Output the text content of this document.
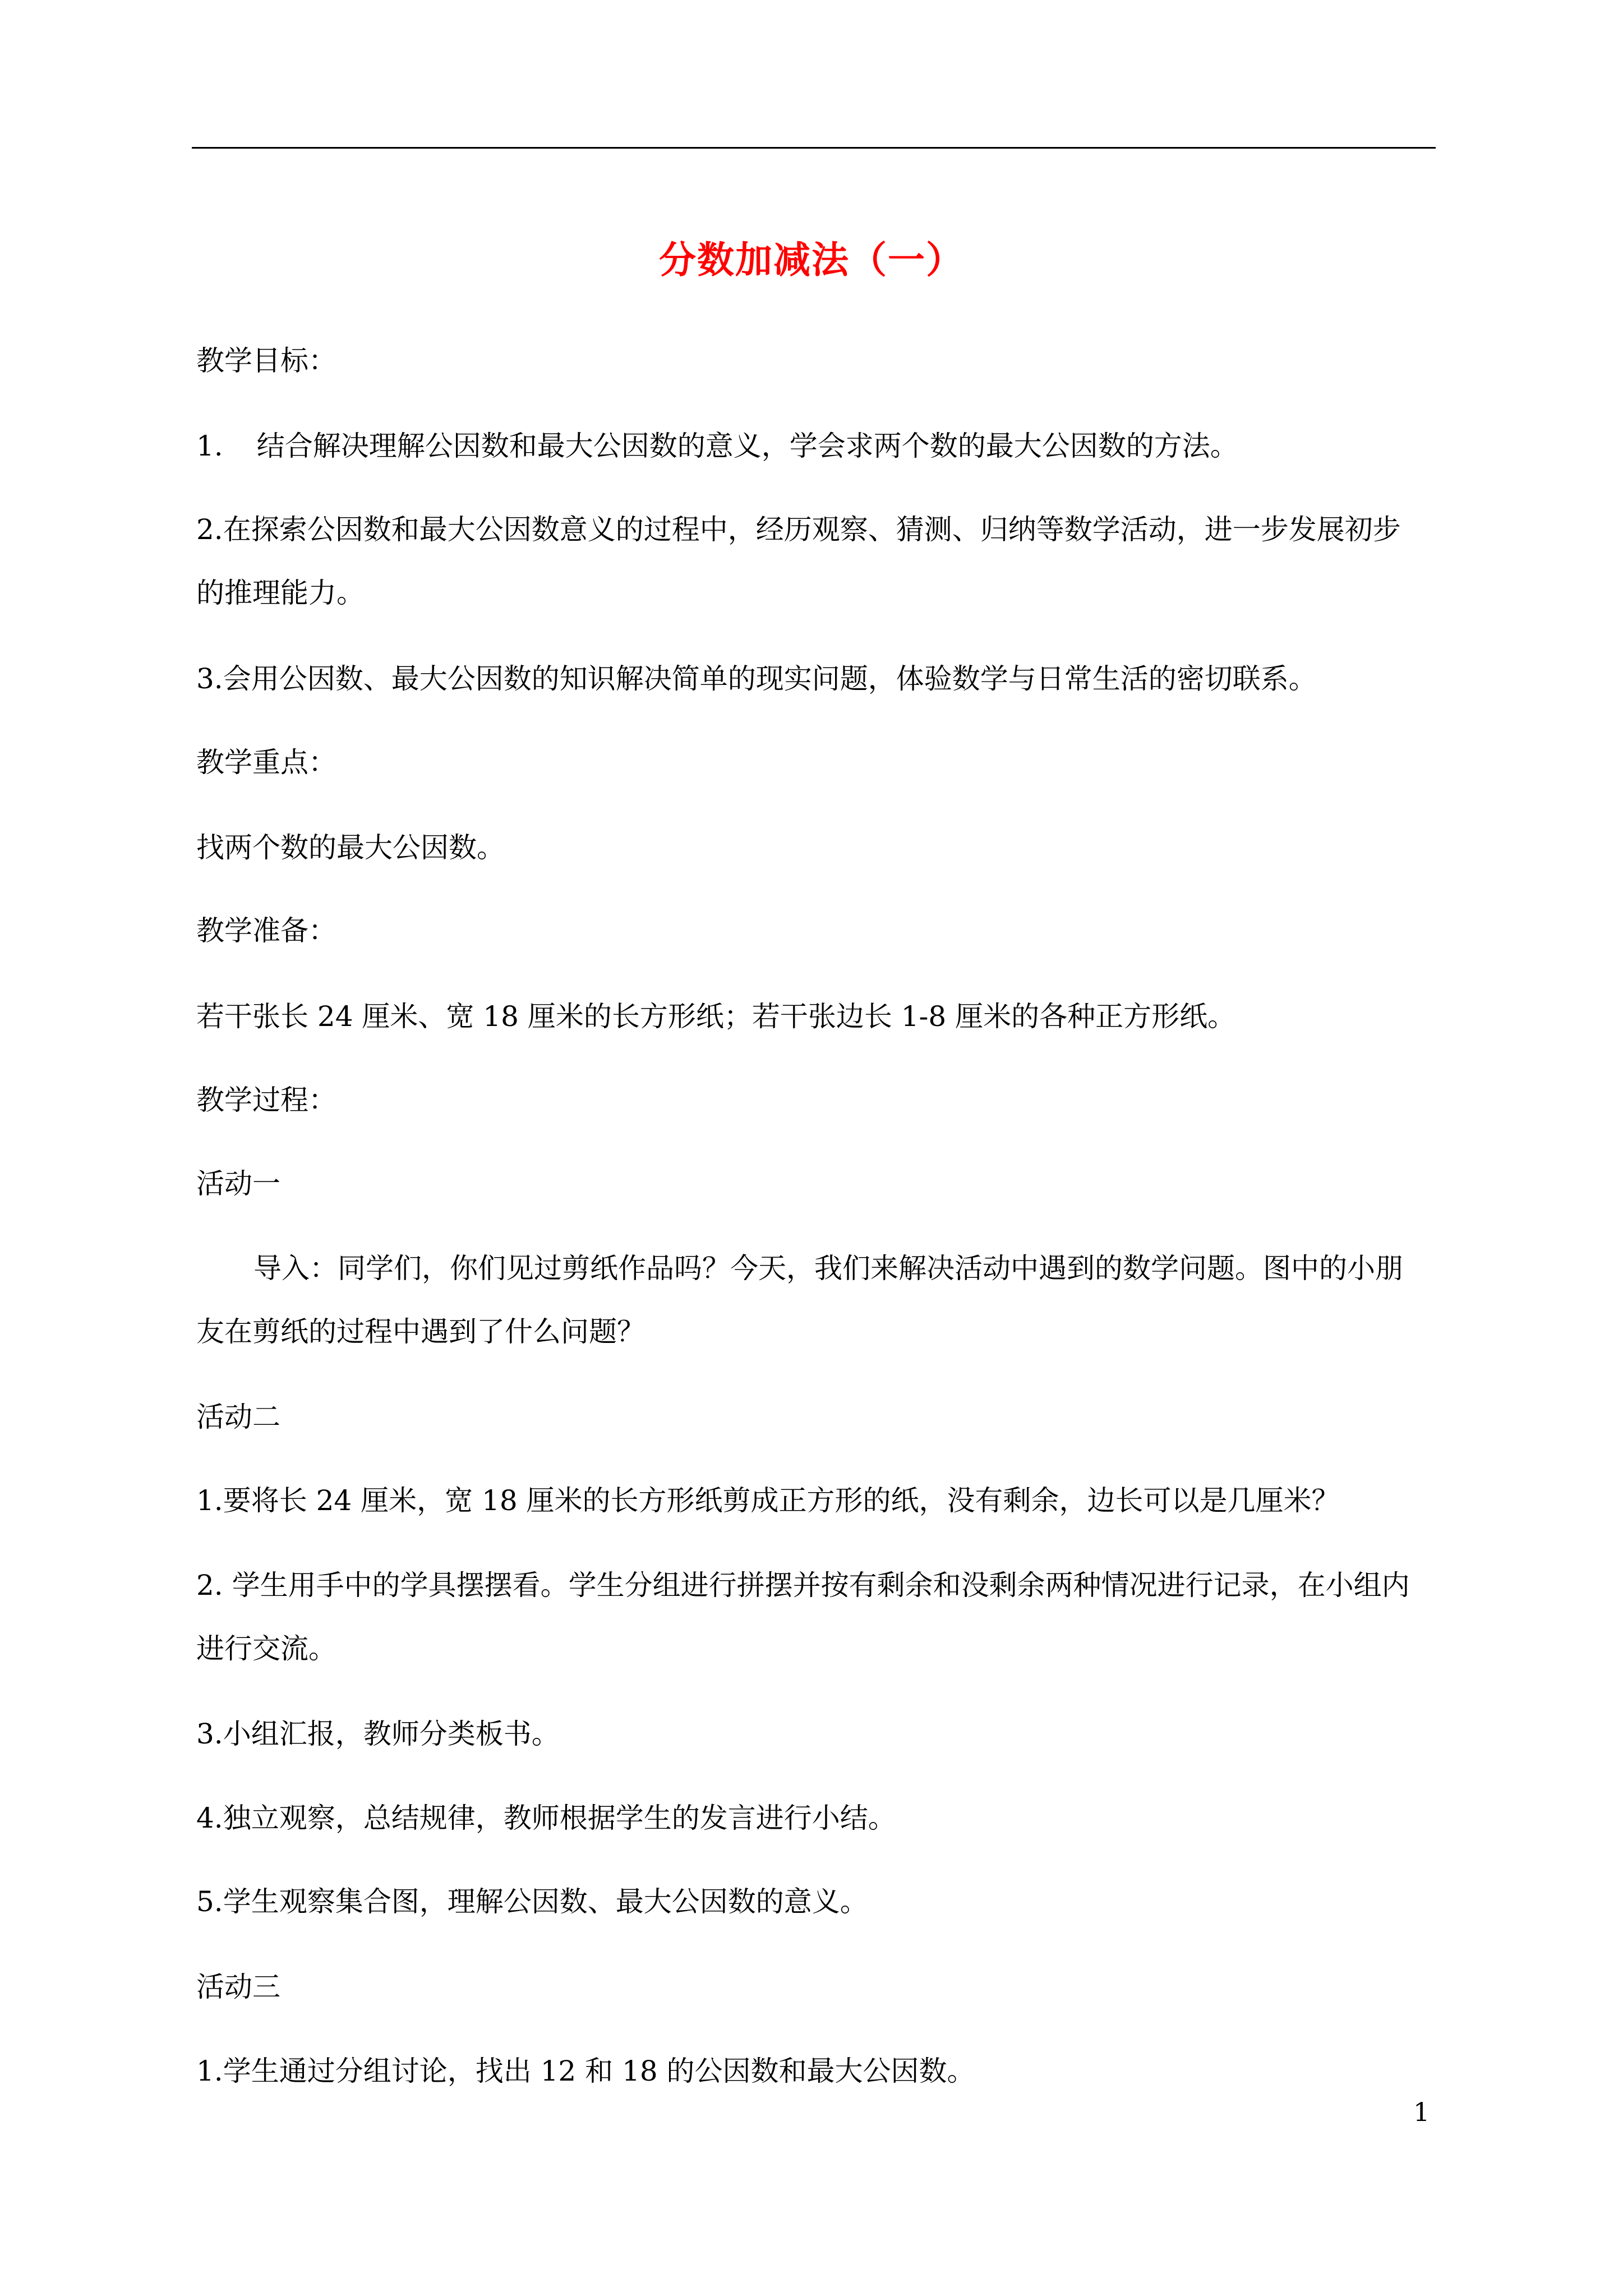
分数加减法（一）
教学目标：
1. 结合解决理解公因数和最大公因数的意义，学会求两个数的最大公因数的方法。
2.在探索公因数和最大公因数意义的过程中，经历观察、猜测、归纳等数学活动，进一步发展初步
的推理能力。
3.会用公因数、最大公因数的知识解决简单的现实问题，体验数学与日常生活的密切联系。
教学重点：
找两个数的最大公因数。
教学准备：
若干张长 24 厘米、宽 18 厘米的长方形纸；若干张边长 1-8 厘米的各种正方形纸。
教学过程：
活动一
导入：同学们，你们见过剪纸作品吗？今天，我们来解决活动中遇到的数学问题。图中的小朋
友在剪纸的过程中遇到了什么问题？
活动二
1.要将长 24 厘米，宽 18 厘米的长方形纸剪成正方形的纸，没有剩余，边长可以是几厘米？
2. 学生用手中的学具摆摆看。学生分组进行拼摆并按有剩余和没剩余两种情况进行记录，在小组内
进行交流。
3.小组汇报，教师分类板书。
4.独立观察，总结规律，教师根据学生的发言进行小结。
5.学生观察集合图，理解公因数、最大公因数的意义。
活动三
1.学生通过分组讨论，找出 12 和 18 的公因数和最大公因数。
1
